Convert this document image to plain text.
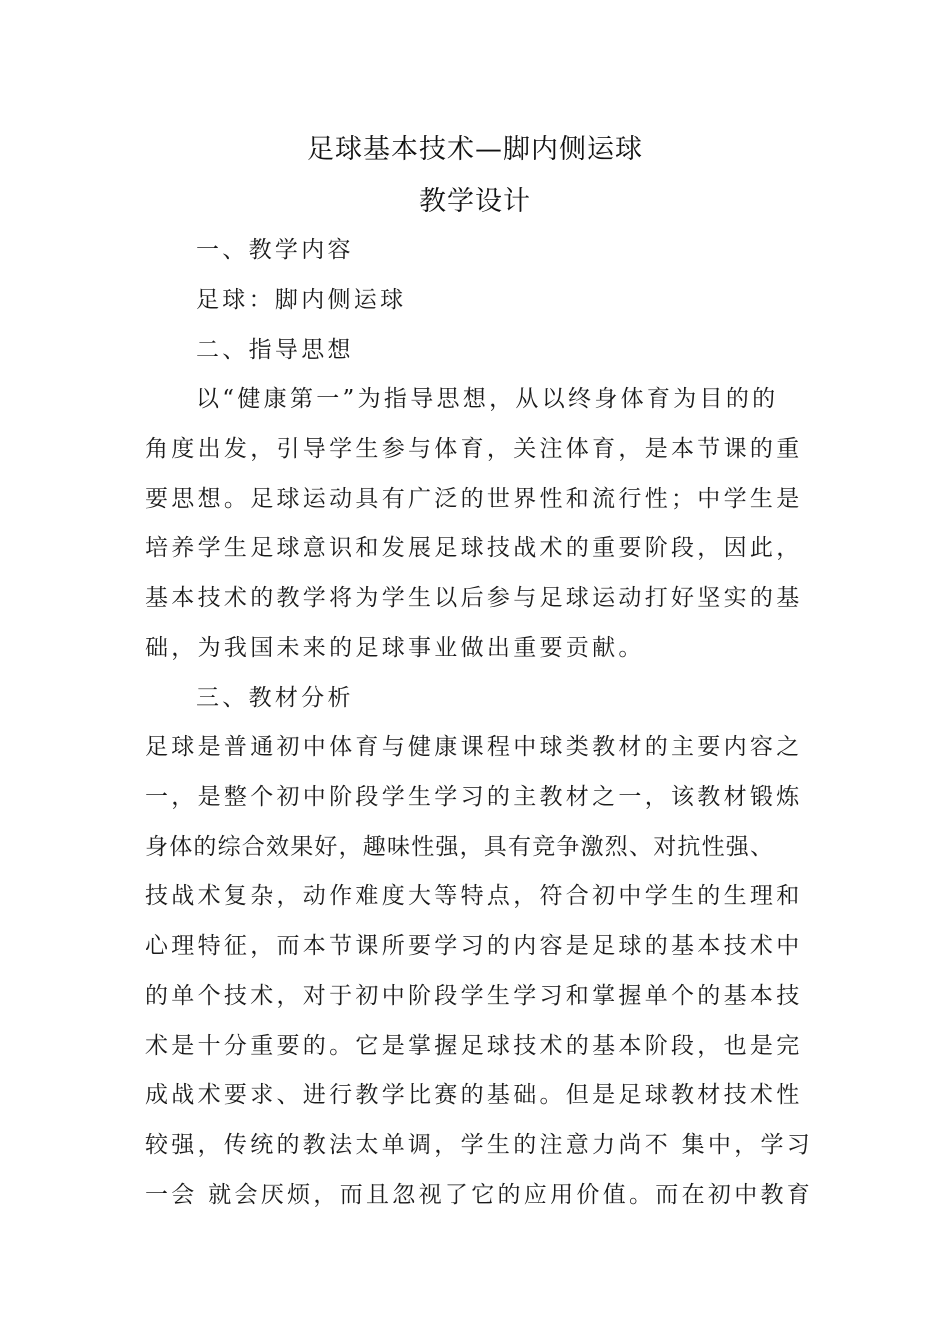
足球基本技术—脚内侧运球
教学设计
一、教学内容
足球：脚内侧运球
二、指导思想
以“健康第一”为指导思想，从以终身体育为目的的
角度出发，引导学生参与体育，关注体育，是本节课的重
要思想。足球运动具有广泛的世界性和流行性；中学生是
培养学生足球意识和发展足球技战术的重要阶段，因此，
基本技术的教学将为学生以后参与足球运动打好坚实的基
础，为我国未来的足球事业做出重要贡献。
三、教材分析
足球是普通初中体育与健康课程中球类教材的主要内容之
一，是整个初中阶段学生学习的主教材之一，该教材锻炼
身体的综合效果好，趣味性强，具有竞争激烈、对抗性强、
技战术复杂，动作难度大等特点，符合初中学生的生理和
心理特征，而本节课所要学习的内容是足球的基本技术中
的单个技术，对于初中阶段学生学习和掌握单个的基本技
术是十分重要的。它是掌握足球技术的基本阶段，也是完
成战术要求、进行教学比赛的基础。但是足球教材技术性
较强，传统的教法太单调，学生的注意力尚不 集中，学习
一会 就会厌烦，而且忽视了它的应用价值。而在初中教育
